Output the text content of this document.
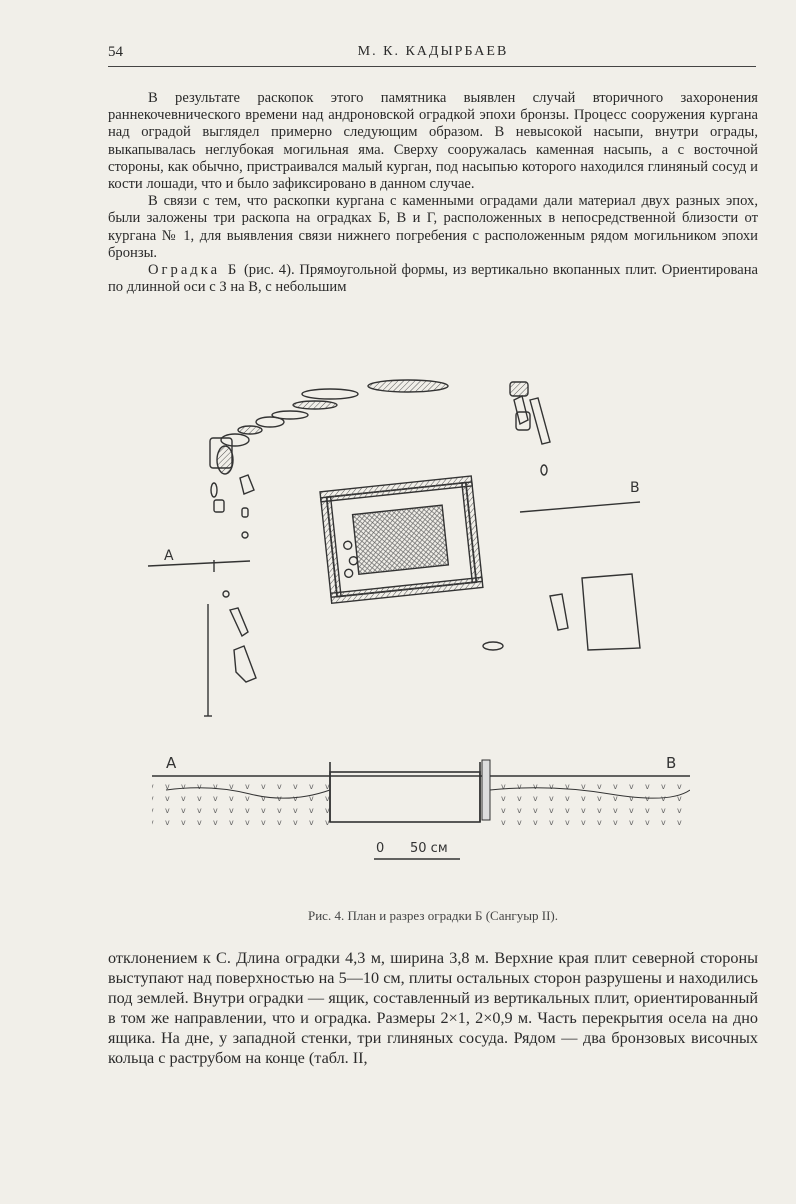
54	М. К. КАДЫРБАЕВ

В результате раскопок этого памятника выявлен случай вторичного захоронения раннекочевнического времени над андроновской оградкой эпохи бронзы. Процесс сооружения кургана над оградой выглядел примерно следующим образом. В невысокой насыпи, внутри ограды, выкапывалась неглубокая могильная яма. Сверху сооружалась каменная насыпь, а с восточной стороны, как обычно, пристраивался малый курган, под насыпью которого находился глиняный сосуд и кости лошади, что и было зафиксировано в данном случае.

В связи с тем, что раскопки кургана с каменными оградами дали материал двух разных эпох, были заложены три раскопа на оградках Б, В и Г, расположенных в непосредственной близости от кургана № 1, для выявления связи нижнего погребения с расположенным рядом могильником эпохи бронзы.

Оградка Б (рис. 4). Прямоугольной формы, из вертикально вкопанных плит. Ориентирована по длинной оси с З на В, с небольшим

А
В
А	В
0 50 см
Рис. 4. План и разрез оградки Б (Сангуыр II).

отклонением к С. Длина оградки 4,3 м, ширина 3,8 м. Верхние края плит северной стороны выступают над поверхностью на 5—10 см, плиты остальных сторон разрушены и находились под землей. Внутри оградки — ящик, составленный из вертикальных плит, ориентированный в том же направлении, что и оградка. Размеры 2×1, 2×0,9 м. Часть перекрытия осела на дно ящика. На дне, у западной стенки, три глиняных сосуда. Рядом — два бронзовых височных кольца с раструбом на конце (табл. II,
